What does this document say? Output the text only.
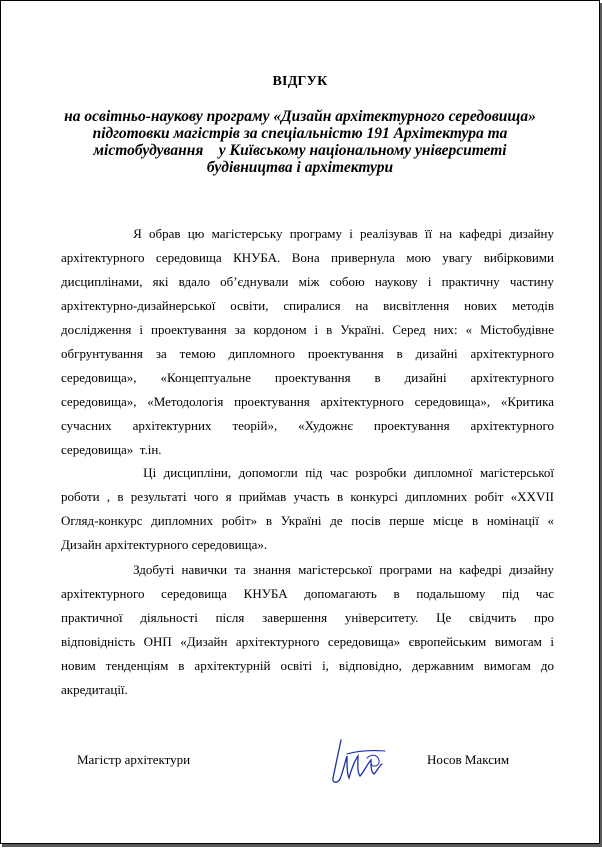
ВІДГУК
на освітньо-наукову програму «Дизайн архітектурного середовища»
підготовки магістрів за спеціальністю 191 Архітектура та
містобудування    у Київському національному університеті
будівництва і архітектури
Я обрав цю магістерську програму і реалізував її на кафедрі дизайну
архітектурного середовища КНУБА. Вона привернула мою увагу вибірковими
дисциплінами, які вдало об’єднували між собою наукову і практичну частину
архітектурно-дизайнерської освіти, спиралися на висвітлення нових методів
дослідження і проектування за кордоном і в Україні. Серед них: « Містобудівне
обгрунтування за темою дипломного проектування в дизайні архітектурного
середовища», «Концептуальне проектування в дизайні архітектурного
середовища», «Методологія проектування архітектурного середовища», «Критика
сучасних архітектурних теорій», «Художнє проектування архітектурного
середовища»  т.ін.
Ці дисципліни, допомогли під час розробки дипломної магістерської
роботи , в результаті чого я приймав участь в конкурсі дипломних робіт «XXVII
Огляд-конкурс дипломних робіт» в Україні де посів перше місце в номінації «
Дизайн архітектурного середовища».
Здобуті навички та знання магістерської програми на кафедрі дизайну
архітектурного середовища КНУБА допомагають в подальшому під час
практичної діяльності після завершення університету. Це свідчить про
відповідність ОНП «Дизайн архітектурного середовища» європейським вимогам і
новим тенденціям в архітектурній освіті і, відповідно, державним вимогам до
акредитації.
Магістр архітектури	Носов Максим
